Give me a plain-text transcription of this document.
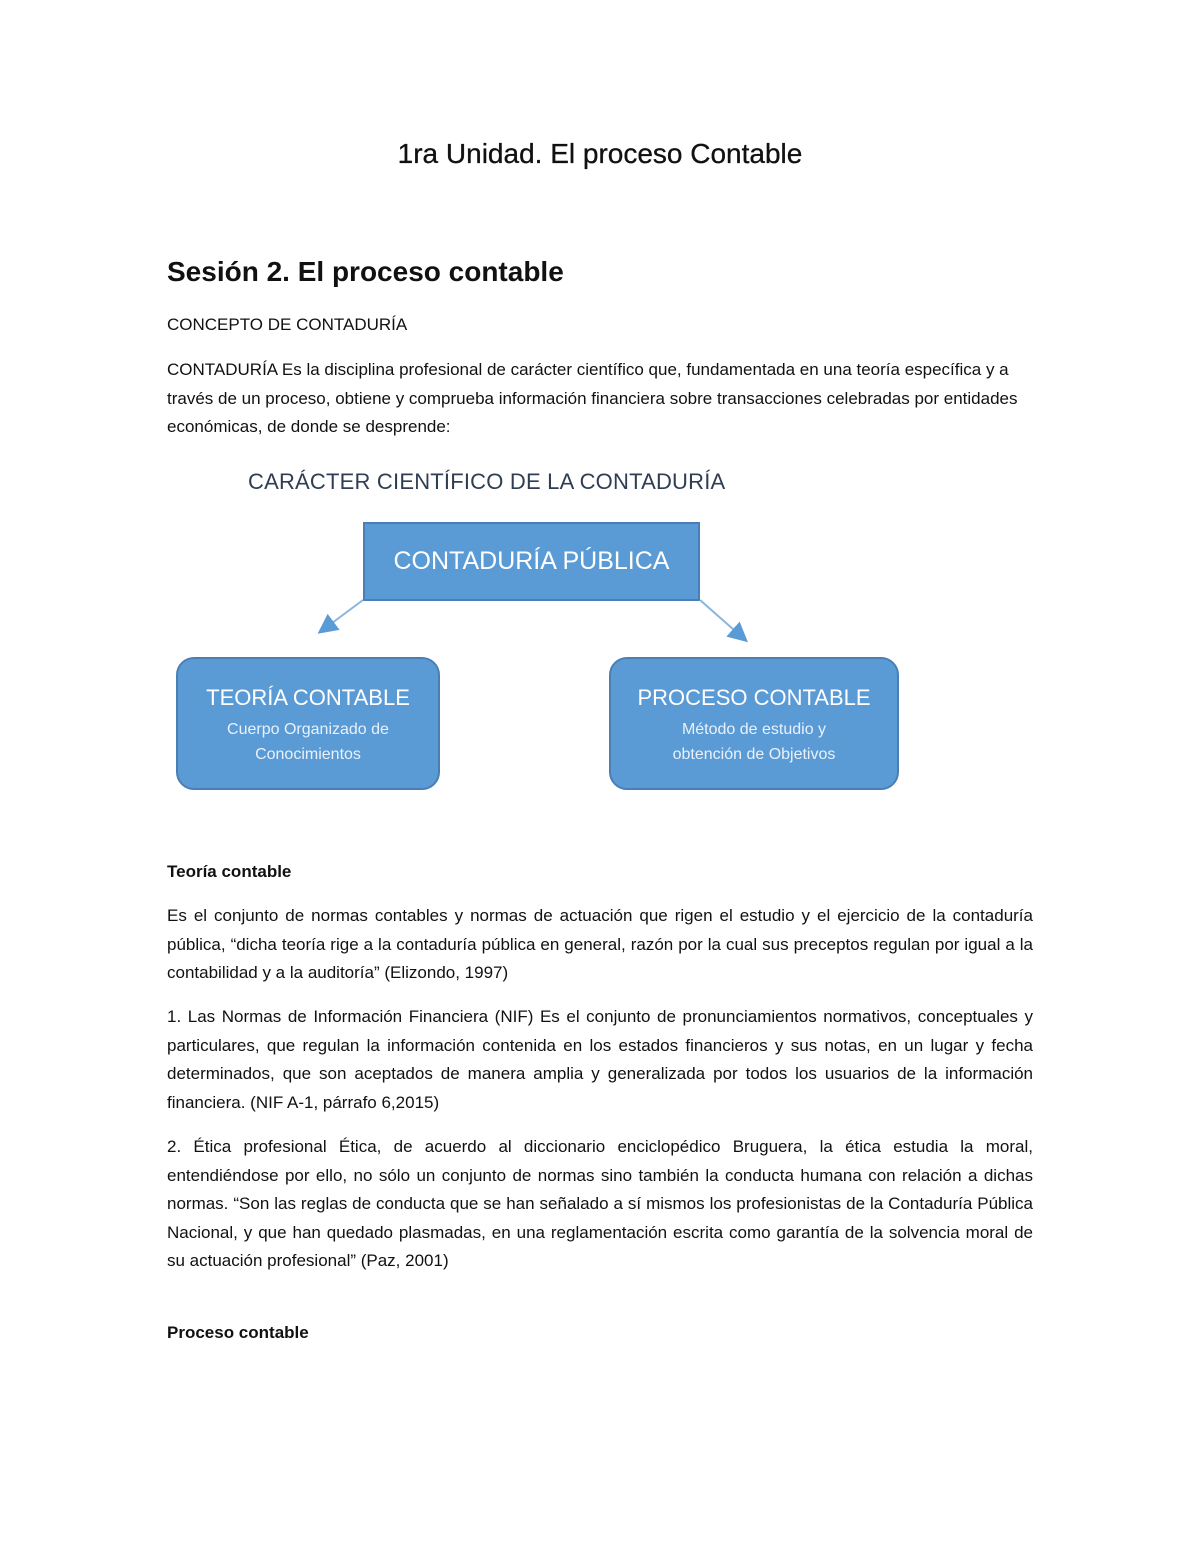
1ra Unidad. El proceso Contable
Sesión 2. El proceso contable

CONCEPTO DE CONTADURÍA

CONTADURÍA Es la disciplina profesional de carácter científico que, fundamentada en una teoría específica y a través de un proceso, obtiene y comprueba información financiera sobre transacciones celebradas por entidades económicas, de donde se desprende:

CARÁCTER CIENTÍFICO DE LA CONTADURÍA

CONTADURÍA PÚBLICA
TEORÍA CONTABLE
Cuerpo Organizado de Conocimientos
PROCESO CONTABLE
Método de estudio y obtención de Objetivos

Teoría contable

Es el conjunto de normas contables y normas de actuación que rigen el estudio y el ejercicio de la contaduría pública, “dicha teoría rige a la contaduría pública en general, razón por la cual sus preceptos regulan por igual a la contabilidad y a la auditoría” (Elizondo, 1997)

1. Las Normas de Información Financiera (NIF) Es el conjunto de pronunciamientos normativos, conceptuales y particulares, que regulan la información contenida en los estados financieros y sus notas, en un lugar y fecha determinados, que son aceptados de manera amplia y generalizada por todos los usuarios de la información financiera. (NIF A-1, párrafo 6,2015)

2. Ética profesional Ética, de acuerdo al diccionario enciclopédico Bruguera, la ética estudia la moral, entendiéndose por ello, no sólo un conjunto de normas sino también la conducta humana con relación a dichas normas. “Son las reglas de conducta que se han señalado a sí mismos los profesionistas de la Contaduría Pública Nacional, y que han quedado plasmadas, en una reglamentación escrita como garantía de la solvencia moral de su actuación profesional” (Paz, 2001)

Proceso contable
